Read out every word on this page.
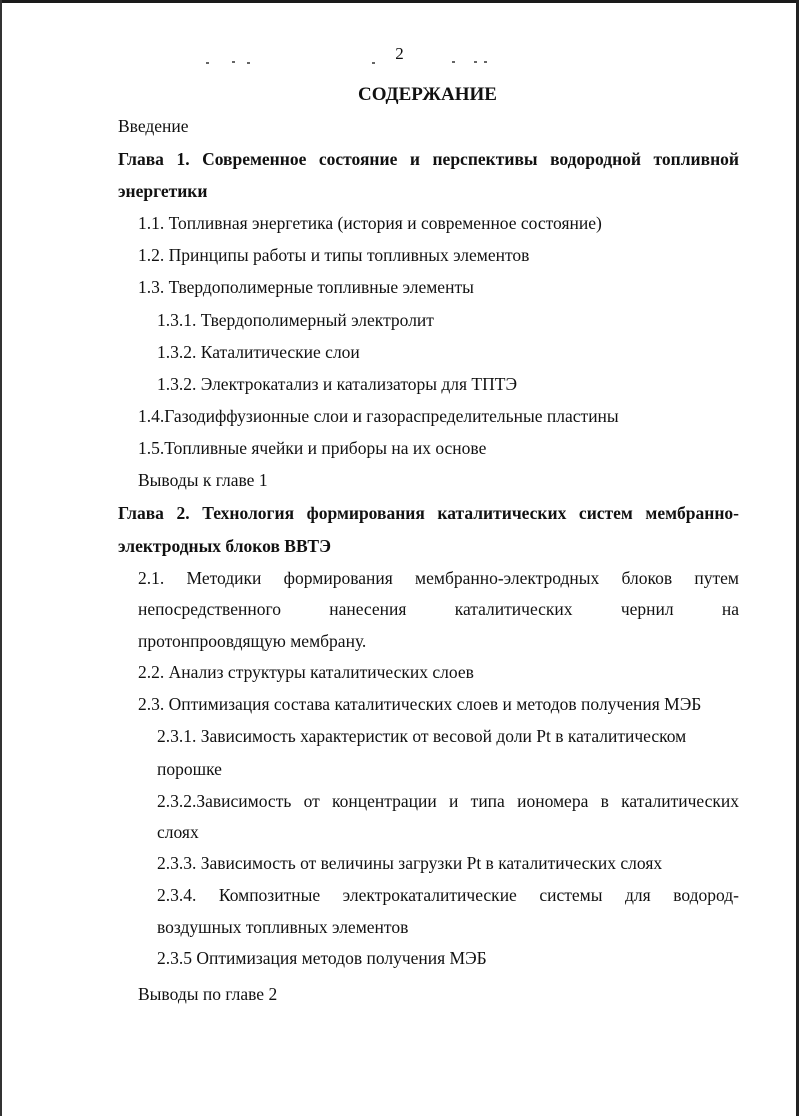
2
СОДЕРЖАНИЕ
Введение
Глава 1. Современное состояние и перспективы водородной топливной
энергетики
1.1. Топливная энергетика (история и современное состояние)
1.2. Принципы работы и типы топливных элементов
1.3. Твердополимерные топливные элементы
1.3.1. Твердополимерный электролит
1.3.2. Каталитические слои
1.3.2. Электрокатализ и катализаторы для ТПТЭ
1.4.Газодиффузионные слои и газораспределительные пластины
1.5.Топливные ячейки и приборы на их основе
Выводы к главе 1
Глава 2. Технология формирования каталитических систем мембранно-
электродных блоков ВВТЭ
2.1. Методики формирования мембранно-электродных блоков путем
непосредственного нанесения каталитических чернил на
протонпроовдящую мембрану.
2.2. Анализ структуры каталитических слоев
2.3. Оптимизация состава каталитических слоев и методов получения МЭБ
2.3.1. Зависимость характеристик от весовой доли Pt в каталитическом
порошке
2.3.2.Зависимость от концентрации и типа иономера в каталитических
слоях
2.3.3. Зависимость от величины загрузки Pt в каталитических слоях
2.3.4. Композитные электрокаталитические системы для водород-
воздушных топливных элементов
2.3.5 Оптимизация методов получения МЭБ
Выводы по главе 2
